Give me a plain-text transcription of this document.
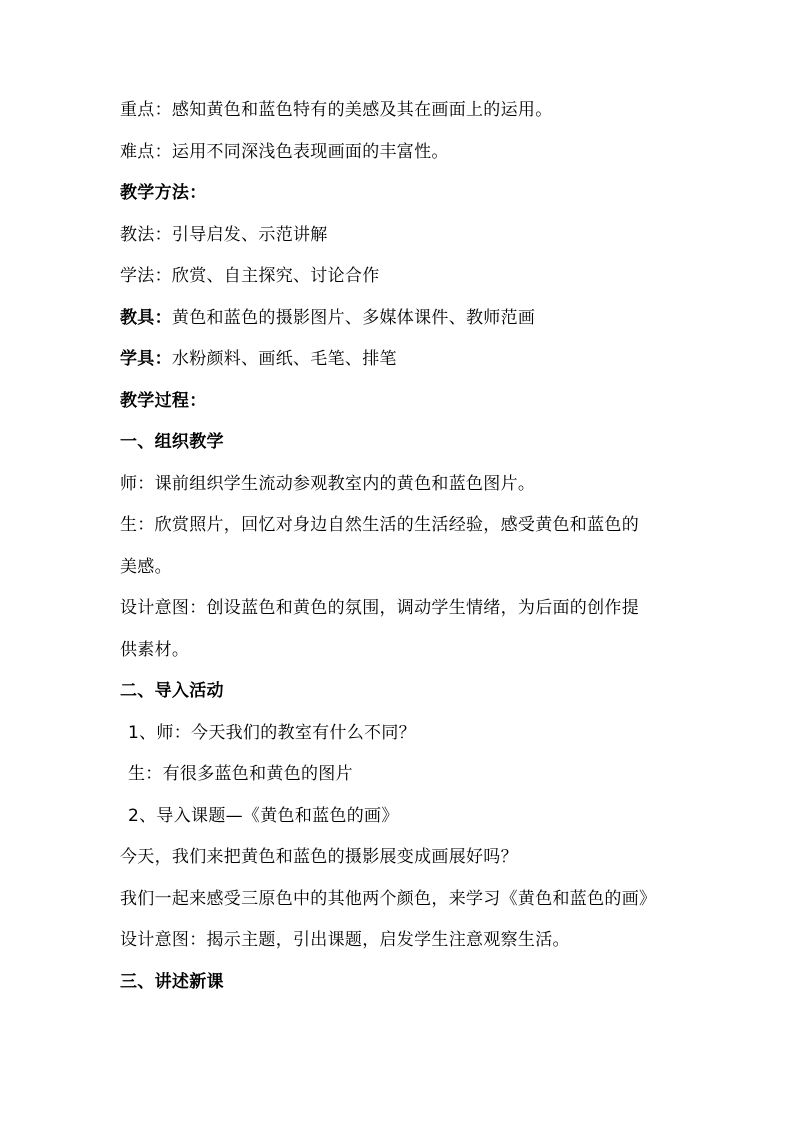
重点：感知黄色和蓝色特有的美感及其在画面上的运用。
难点：运用不同深浅色表现画面的丰富性。
教学方法：
教法：引导启发、示范讲解
学法：欣赏、自主探究、讨论合作
教具：黄色和蓝色的摄影图片、多媒体课件、教师范画
学具：水粉颜料、画纸、毛笔、排笔
教学过程：
一、组织教学
师：课前组织学生流动参观教室内的黄色和蓝色图片。
生：欣赏照片，回忆对身边自然生活的生活经验，感受黄色和蓝色的
美感。
设计意图：创设蓝色和黄色的氛围，调动学生情绪，为后面的创作提
供素材。
二、导入活动
1、师：今天我们的教室有什么不同？
生：有很多蓝色和黄色的图片
2、导入课题—《黄色和蓝色的画》
今天，我们来把黄色和蓝色的摄影展变成画展好吗？
我们一起来感受三原色中的其他两个颜色，来学习《黄色和蓝色的画》
设计意图：揭示主题，引出课题，启发学生注意观察生活。
三、讲述新课
